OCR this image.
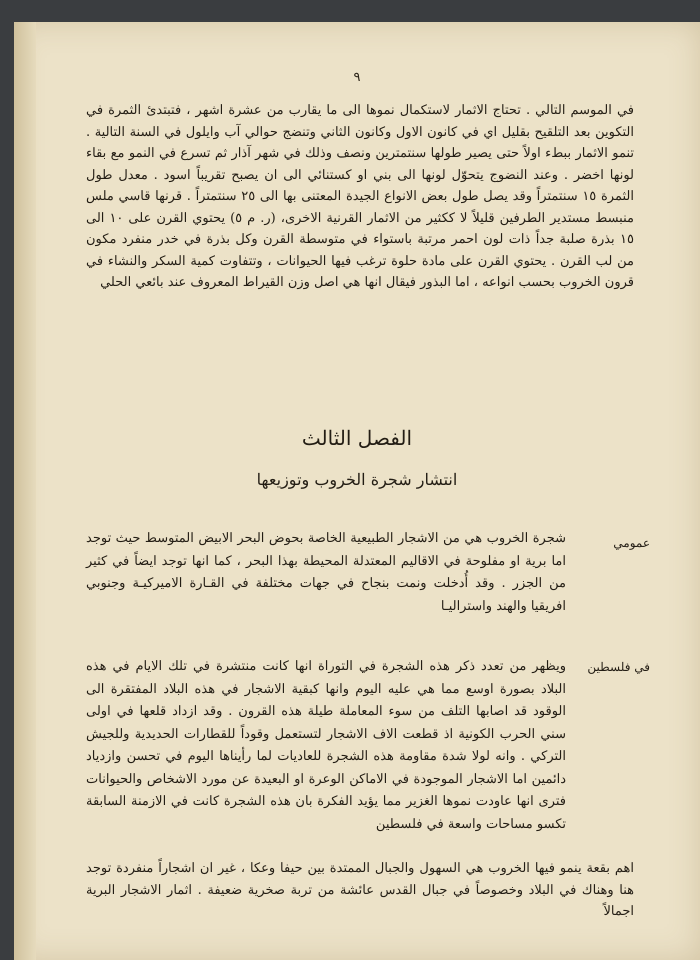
٩
في الموسم التالي . تحتاج الاثمار لاستكمال نموها الى ما يقارب من عشرة اشهر ، فتبتدئ الثمرة في التكوين بعد التلقيح بقليل اي في كانون الاول وكانون الثاني وتنضج حوالي آب وايلول في السنة التالية . تنمو الاثمار ببطء اولاً حتى يصير طولها سنتمترين ونصف وذلك في شهر آذار ثم تسرع في النمو مع بقاء لونها اخضر . وعند النضوج يتحوّل لونها الى بني او كستنائي الى ان يصبح تقريباً اسود . معدل طول الثمرة ١٥ سنتمتراً وقد يصل طول بعض الانواع الجيدة المعتنى بها الى ٢٥ سنتمتراً . قرنها قاسي ملس منبسط مستدير الطرفين قليلاً لا ككثير من الاثمار القرنية الاخرى، (ر. م ٥) يحتوي القرن على ١٠ الى ١٥ بذرة صلبة جداً ذات لون احمر مرتبة باستواء في متوسطة القرن وكل بذرة في خدر منفرد مكون من لب القرن . يحتوي القرن على مادة حلوة ترغب فيها الحيوانات ، وتتفاوت كمية السكر والنشاء في قرون الخروب بحسب انواعه ، اما البذور فيقال انها هي اصل وزن القيراط المعروف عند بائعي الحلي
الفصل الثالث
انتشار شجرة الخروب وتوزيعها
عمومي
شجرة الخروب هي من الاشجار الطبيعية الخاصة بحوض البحر الابيض المتوسط حيث توجد اما برية او مفلوحة في الاقاليم المعتدلة المحيطة بهذا البحر ، كما انها توجد ايضاً في كثير من الجزر . وقد أُدخلت ونمت بنجاح في جهات مختلفة في القـارة الاميركيـة وجنوبي افريقيا والهند واستراليـا
في فلسطين
ويظهر من تعدد ذكر هذه الشجرة في التوراة انها كانت منتشرة في تلك الايام في هذه البلاد بصورة اوسع مما هي عليه اليوم وانها كبقية الاشجار في هذه البلاد المفتقرة الى الوقود قد اصابها التلف من سوء المعاملة طيلة هذه القرون . وقد ازداد قلعها في اولى سني الحرب الكونية اذ قطعت الاف الاشجار لتستعمل وقوداً للقطارات الحديدية وللجيش التركي . وانه لولا شدة مقاومة هذه الشجرة للعاديات لما رأيناها اليوم في تحسن وازدياد دائمين اما الاشجار الموجودة في الاماكن الوعرة او البعيدة عن مورد الاشخاص والحيوانات فترى انها عاودت نموها الغزير مما يؤيد الفكرة بان هذه الشجرة كانت في الازمنة السابقة تكسو مساحات واسعة في فلسطين
اهم بقعة ينمو فيها الخروب هي السهول والجبال الممتدة بين حيفا وعكا ، غير ان اشجاراً منفردة توجد هنا وهناك في البلاد وخصوصاً في جبال القدس عائشة من تربة صخرية ضعيفة . اثمار الاشجار البرية اجمالاً
